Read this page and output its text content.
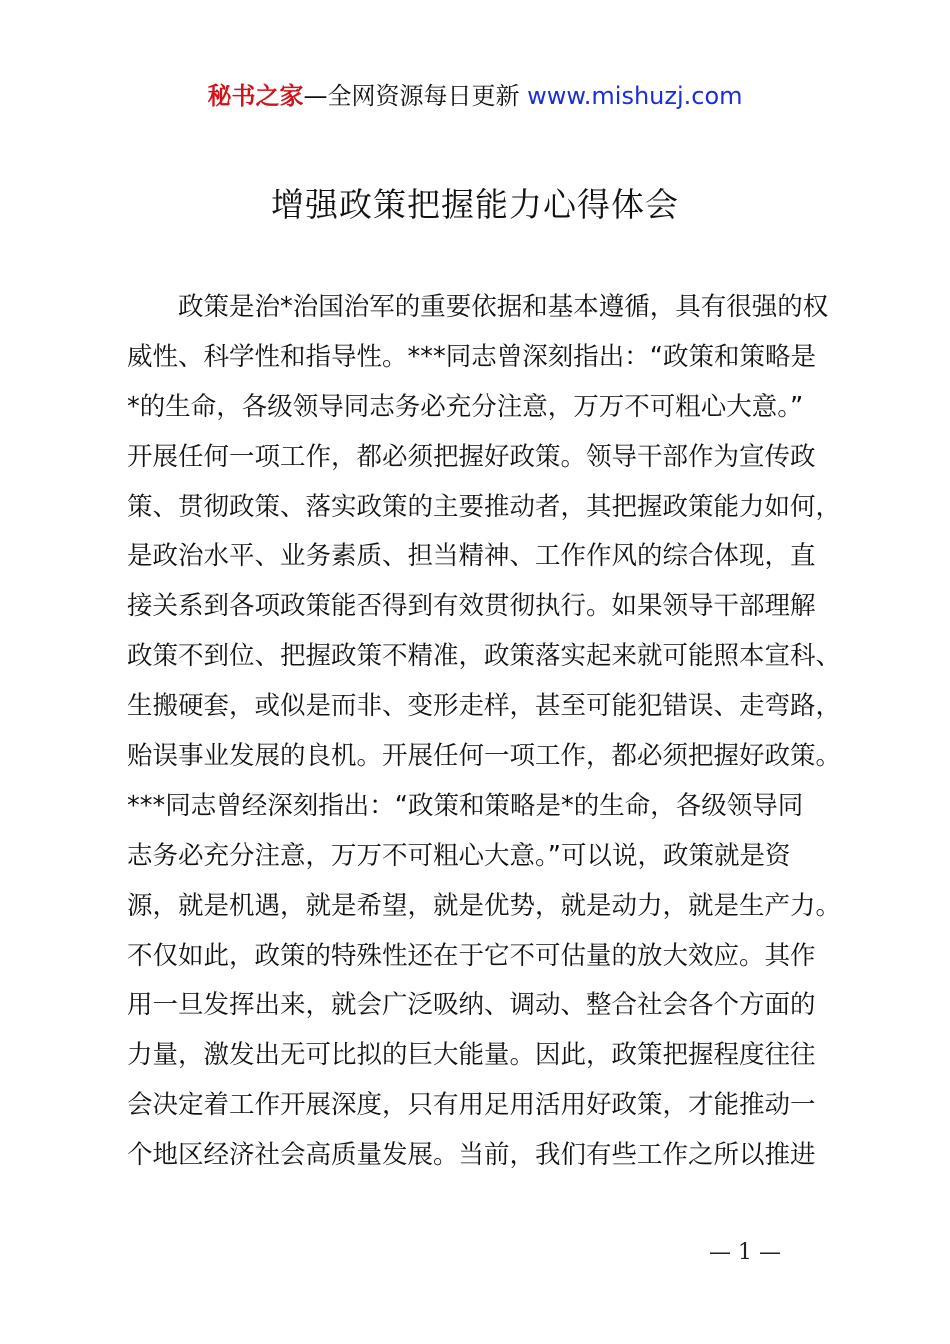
秘书之家—全网资源每日更新 www.mishuzj.com
增强政策把握能力心得体会
政策是治*治国治军的重要依据和基本遵循，具有很强的权
威性、科学性和指导性。***同志曾深刻指出：“政策和策略是
*的生命，各级领导同志务必充分注意，万万不可粗心大意。”
开展任何一项工作，都必须把握好政策。领导干部作为宣传政
策、贯彻政策、落实政策的主要推动者，其把握政策能力如何，
是政治水平、业务素质、担当精神、工作作风的综合体现，直
接关系到各项政策能否得到有效贯彻执行。如果领导干部理解
政策不到位、把握政策不精准，政策落实起来就可能照本宣科、
生搬硬套，或似是而非、变形走样，甚至可能犯错误、走弯路，
贻误事业发展的良机。开展任何一项工作，都必须把握好政策。
***同志曾经深刻指出：“政策和策略是*的生命，各级领导同
志务必充分注意，万万不可粗心大意。”可以说，政策就是资
源，就是机遇，就是希望，就是优势，就是动力，就是生产力。
不仅如此，政策的特殊性还在于它不可估量的放大效应。其作
用一旦发挥出来，就会广泛吸纳、调动、整合社会各个方面的
力量，激发出无可比拟的巨大能量。因此，政策把握程度往往
会决定着工作开展深度，只有用足用活用好政策，才能推动一
个地区经济社会高质量发展。当前，我们有些工作之所以推进
— 1 —
